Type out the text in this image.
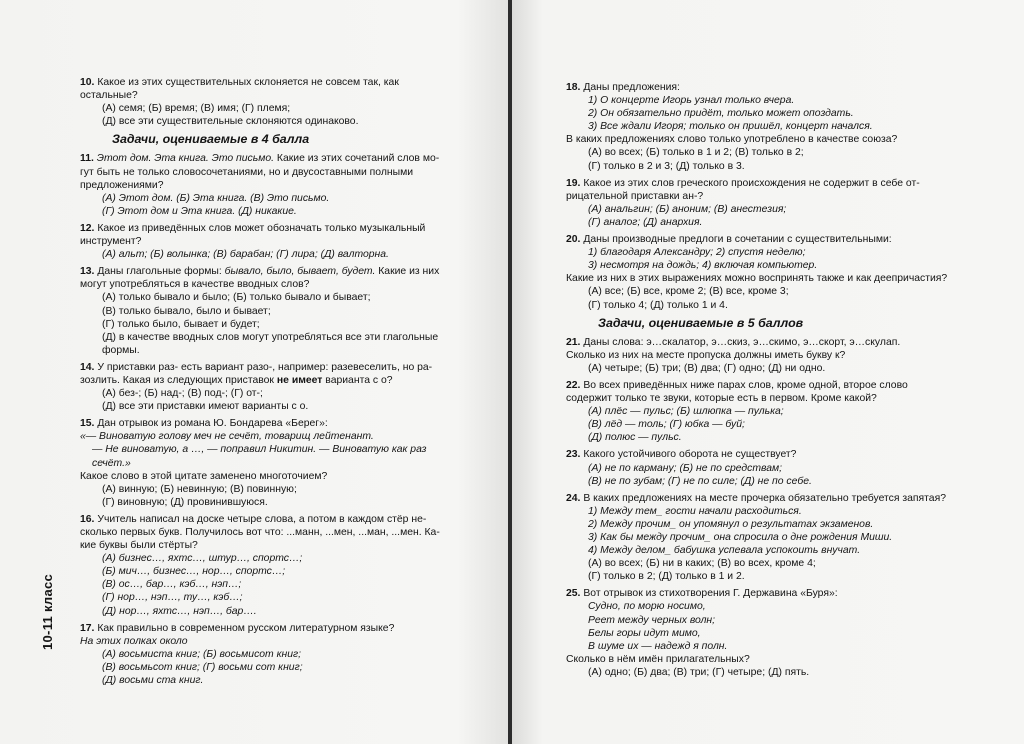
10-11 класс

10. Какое из этих существительных склоняется не совсем так, как остальные?

(А) семя; (Б) время; (В) имя; (Г) племя;

(Д) все эти существительные склоняются одинаково.

Задачи, оцениваемые в 4 балла

11. Этот дом. Эта книга. Это письмо. Какие из этих сочетаний слов мо-

гут быть не только словосочетаниями, но и двусоставными полными

предложениями?

(А) Этот дом. (Б) Эта книга. (В) Это письмо.

(Г) Этот дом и Эта книга. (Д) никакие.

12. Какое из приведённых слов может обозначать только музыкальный

инструмент?

(А) альт; (Б) волынка; (В) барабан; (Г) лира; (Д) валторна.

13. Даны глагольные формы: бывало, было, бывает, будет. Какие из них

могут употребляться в качестве вводных слов?

(А) только бывало и было; (Б) только бывало и бывает;

(В) только бывало, было и бывает;

(Г) только было, бывает и будет;

(Д) в качестве вводных слов могут употребляться все эти глагольные

формы.

14. У приставки раз- есть вариант разо-, например: разевеселить, но ра-

зозлить. Какая из следующих приставок не имеет варианта с о?

(А) без-; (Б) над-; (В) под-; (Г) от-;

(Д) все эти приставки имеют варианты с о.

15. Дан отрывок из романа Ю. Бондарева «Берег»:

«— Виноватую голову меч не сечёт, товарищ лейтенант.

— Не виноватую, а …, — поправил Никитин. — Виноватую как раз

сечёт.»

Какое слово в этой цитате заменено многоточием?

(А) винную; (Б) невинную; (В) повинную;

(Г) виновную; (Д) провинившуюся.

16. Учитель написал на доске четыре слова, а потом в каждом стёр не-

сколько первых букв. Получилось вот что: ...манн, ...мен, ...ман, ...мен. Ка-

кие буквы были стёрты?

(А) бизнес…, яхтс…, штур…, спортс…;

(Б) мич…, бизнес…, нор…, спортс…;

(В) ос…, бар…, кэб…, нэп…;

(Г) нор…, нэп…, ту…, кэб…;

(Д) нор…, яхтс…, нэп…, бар….

17. Как правильно в современном русском литературном языке?

На этих полках около

(А) восьмиста книг; (Б) восьмисот книг;

(В) восьмьсот книг; (Г) восьми сот книг;

(Д) восьми ста книг.

18. Даны предложения:

1) О концерте Игорь узнал только вчера.

2) Он обязательно придёт, только может опоздать.

3) Все ждали Игоря; только он пришёл, концерт начался.

В каких предложениях слово только употреблено в качестве союза?

(А) во всех; (Б) только в 1 и 2; (В) только в 2;

(Г) только в 2 и 3; (Д) только в 3.

19. Какое из этих слов греческого происхождения не содержит в себе от-

рицательной приставки ан-?

(А) анальгин; (Б) аноним; (В) анестезия;

(Г) аналог; (Д) анархия.

20. Даны производные предлоги в сочетании с существительными:

1) благодаря Александру; 2) спустя неделю;

3) несмотря на дождь; 4) включая компьютер.

Какие из них в этих выражениях можно воспринять также и как деепричастия?

(А) все; (Б) все, кроме 2; (В) все, кроме 3;

(Г) только 4; (Д) только 1 и 4.

Задачи, оцениваемые в 5 баллов

21. Даны слова: э…скалатор, э…скиз, э…скимо, э…скорт, э…скулап.

Сколько из них на месте пропуска должны иметь букву к?

(А) четыре; (Б) три; (В) два; (Г) одно; (Д) ни одно.

22. Во всех приведённых ниже парах слов, кроме одной, второе слово

содержит только те звуки, которые есть в первом. Кроме какой?

(А) плёс — пульс; (Б) шлюпка — пулька;

(В) лёд — толь; (Г) юбка — буй;

(Д) полюс — пульс.

23. Какого устойчивого оборота не существует?

(А) не по карману; (Б) не по средствам;

(В) не по зубам; (Г) не по силе; (Д) не по себе.

24. В каких предложениях на месте прочерка обязательно требуется запятая?

1) Между тем_ гости начали расходиться.

2) Между прочим_ он упомянул о результатах экзаменов.

3) Как бы между прочим_ она спросила о дне рождения Миши.

4) Между делом_ бабушка успевала успокоить внучат.

(А) во всех; (Б) ни в каких; (В) во всех, кроме 4;

(Г) только в 2; (Д) только в 1 и 2.

25. Вот отрывок из стихотворения Г. Державина «Буря»:

Судно, по морю носимо,

Реет между черных волн;

Белы горы идут мимо,

В шуме их — надежд я полн.

Сколько в нём имён прилагательных?

(А) одно; (Б) два; (В) три; (Г) четыре; (Д) пять.
